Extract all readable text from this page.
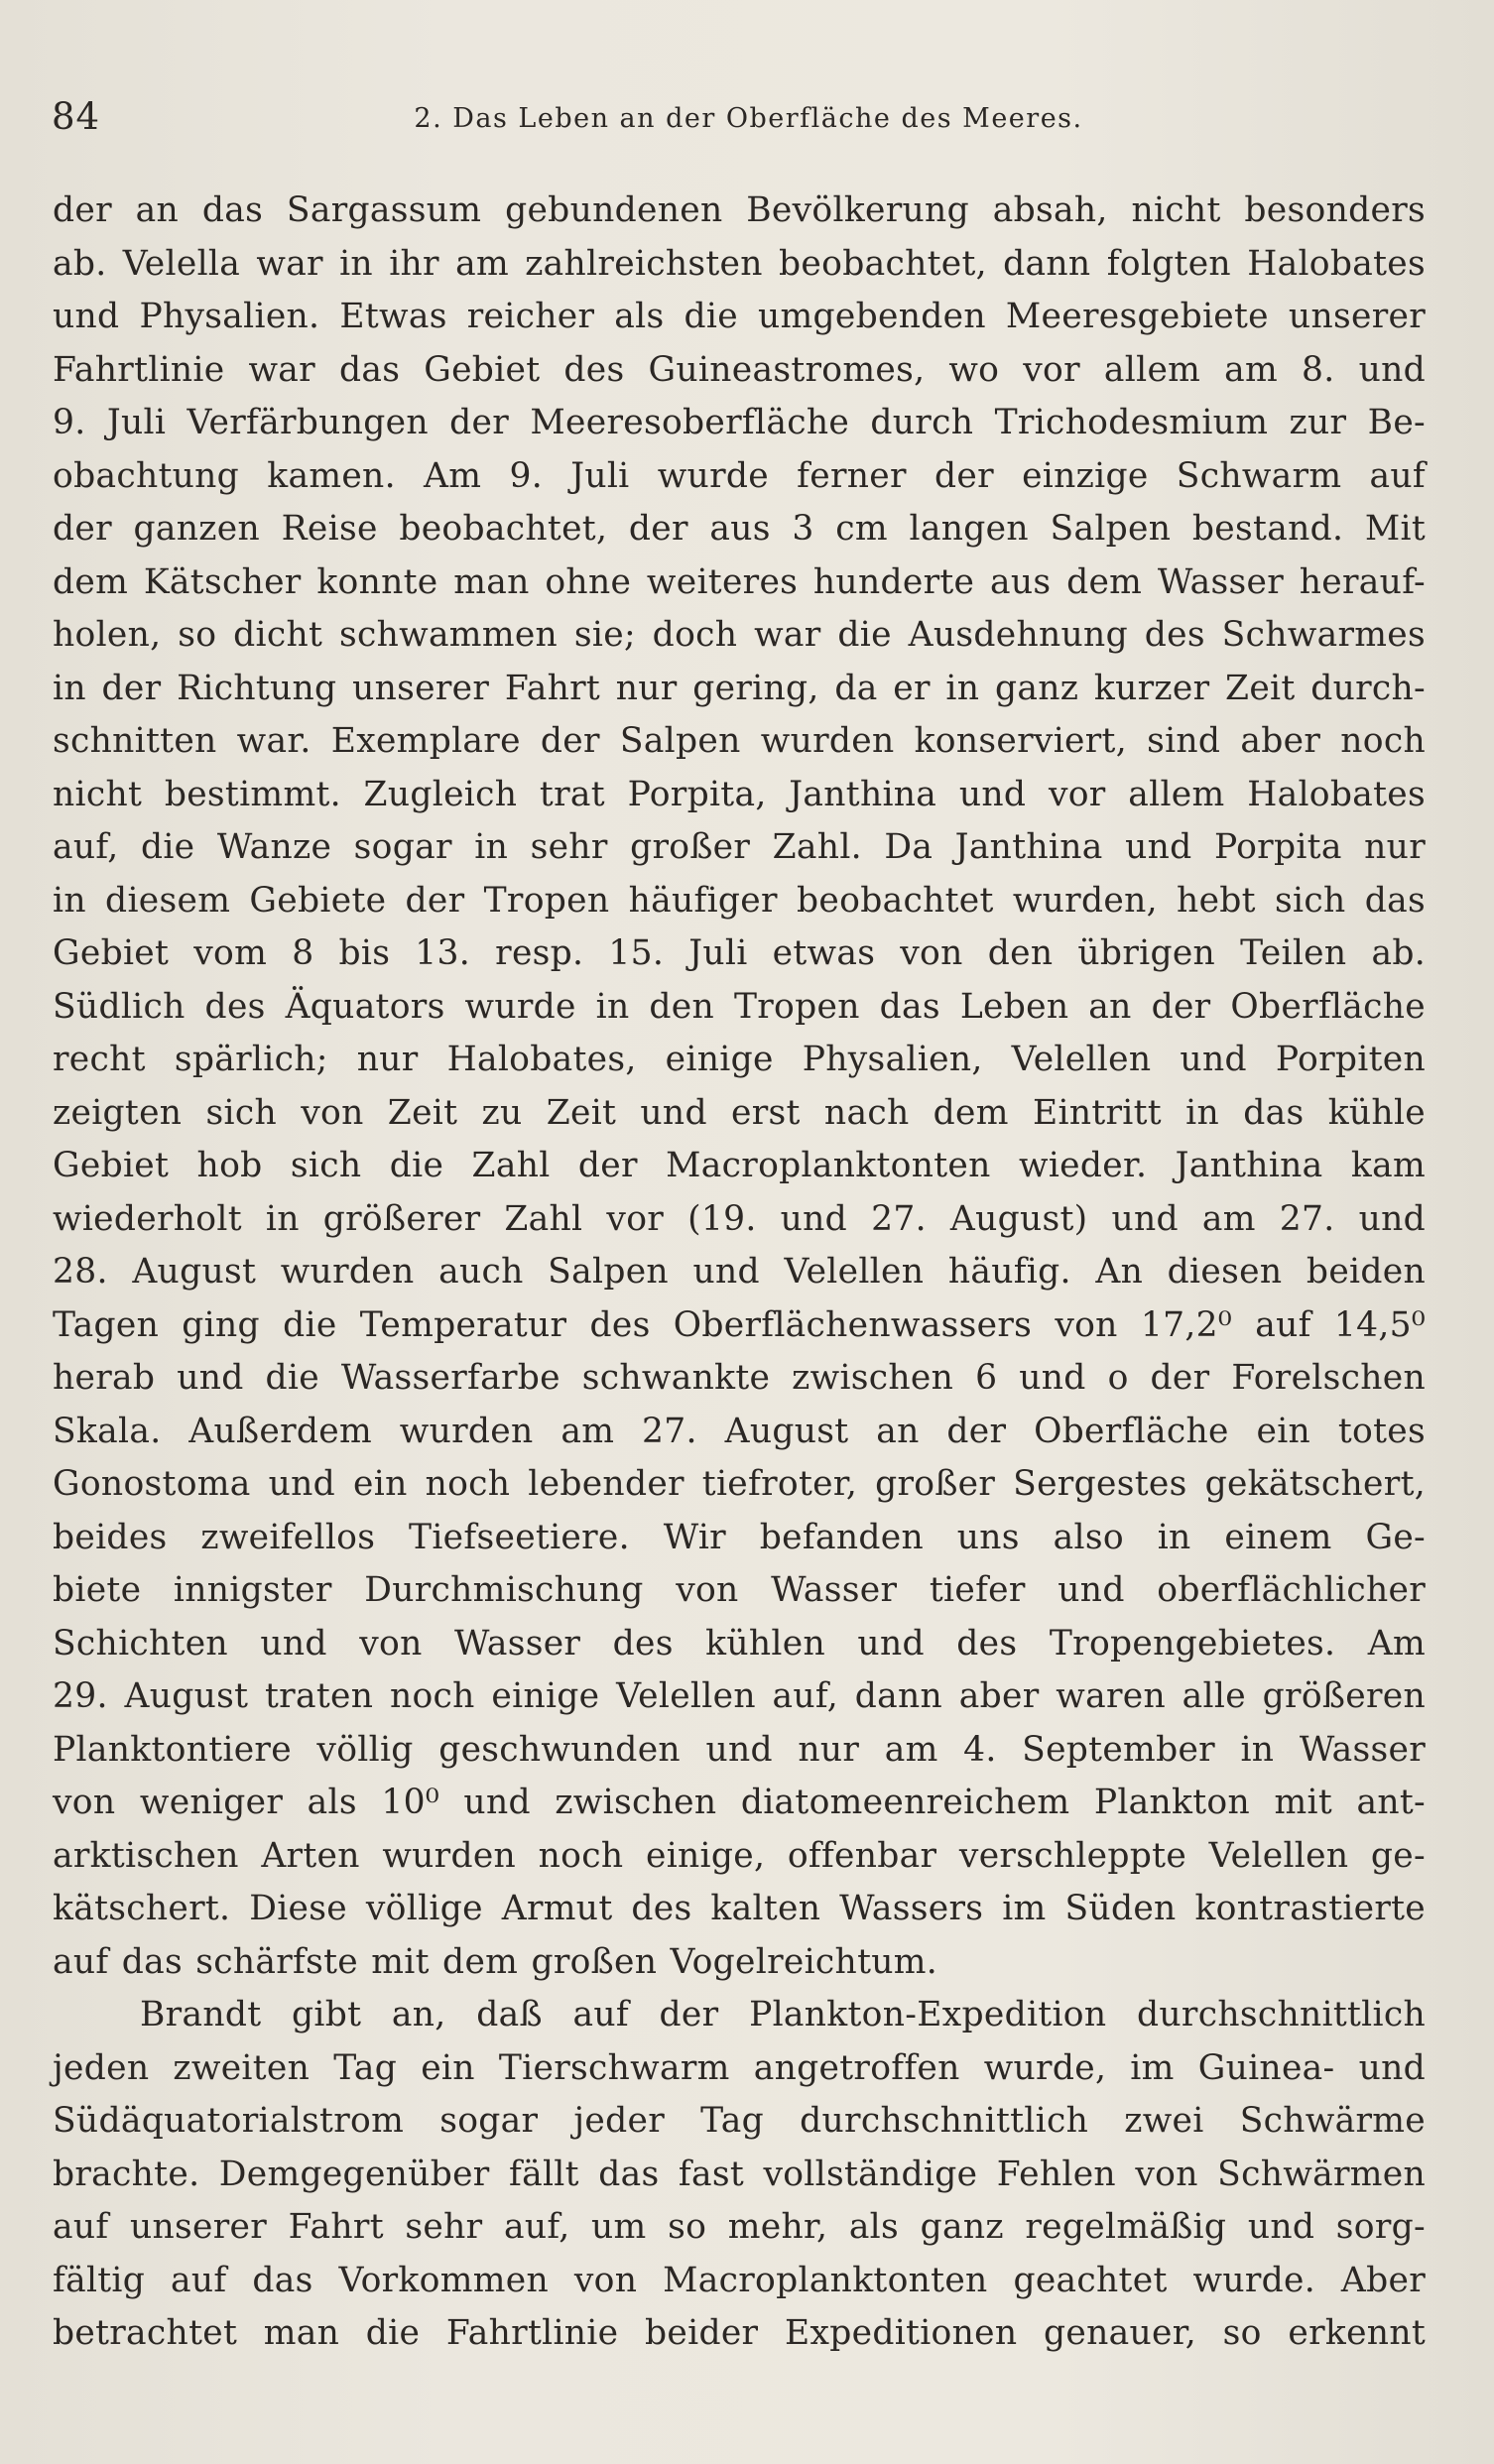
84	2. Das Leben an der Oberfläche des Meeres.
der an das Sargassum gebundenen Bevölkerung absah, nicht besonders
ab. Velella war in ihr am zahlreichsten beobachtet, dann folgten Halobates
und Physalien. Etwas reicher als die umgebenden Meeresgebiete unserer
Fahrtlinie war das Gebiet des Guineastromes, wo vor allem am 8. und
9. Juli Verfärbungen der Meeresoberfläche durch Trichodesmium zur Be-
obachtung kamen. Am 9. Juli wurde ferner der einzige Schwarm auf
der ganzen Reise beobachtet, der aus 3 cm langen Salpen bestand. Mit
dem Kätscher konnte man ohne weiteres hunderte aus dem Wasser herauf-
holen, so dicht schwammen sie; doch war die Ausdehnung des Schwarmes
in der Richtung unserer Fahrt nur gering, da er in ganz kurzer Zeit durch-
schnitten war. Exemplare der Salpen wurden konserviert, sind aber noch
nicht bestimmt. Zugleich trat Porpita, Janthina und vor allem Halobates
auf, die Wanze sogar in sehr großer Zahl. Da Janthina und Porpita nur
in diesem Gebiete der Tropen häufiger beobachtet wurden, hebt sich das
Gebiet vom 8 bis 13. resp. 15. Juli etwas von den übrigen Teilen ab.
Südlich des Äquators wurde in den Tropen das Leben an der Oberfläche
recht spärlich; nur Halobates, einige Physalien, Velellen und Porpiten
zeigten sich von Zeit zu Zeit und erst nach dem Eintritt in das kühle
Gebiet hob sich die Zahl der Macroplanktonten wieder. Janthina kam
wiederholt in größerer Zahl vor (19. und 27. August) und am 27. und
28. August wurden auch Salpen und Velellen häufig. An diesen beiden
Tagen ging die Temperatur des Oberflächenwassers von 17,2⁰ auf 14,5⁰
herab und die Wasserfarbe schwankte zwischen 6 und o der Forelschen
Skala. Außerdem wurden am 27. August an der Oberfläche ein totes
Gonostoma und ein noch lebender tiefroter, großer Sergestes gekätschert,
beides zweifellos Tiefseetiere. Wir befanden uns also in einem Ge-
biete innigster Durchmischung von Wasser tiefer und oberflächlicher
Schichten und von Wasser des kühlen und des Tropengebietes. Am
29. August traten noch einige Velellen auf, dann aber waren alle größeren
Planktontiere völlig geschwunden und nur am 4. September in Wasser
von weniger als 10⁰ und zwischen diatomeenreichem Plankton mit ant-
arktischen Arten wurden noch einige, offenbar verschleppte Velellen ge-
kätschert. Diese völlige Armut des kalten Wassers im Süden kontrastierte
auf das schärfste mit dem großen Vogelreichtum.
Brandt gibt an, daß auf der Plankton-Expedition durchschnittlich
jeden zweiten Tag ein Tierschwarm angetroffen wurde, im Guinea- und
Südäquatorialstrom sogar jeder Tag durchschnittlich zwei Schwärme
brachte. Demgegenüber fällt das fast vollständige Fehlen von Schwärmen
auf unserer Fahrt sehr auf, um so mehr, als ganz regelmäßig und sorg-
fältig auf das Vorkommen von Macroplanktonten geachtet wurde. Aber
betrachtet man die Fahrtlinie beider Expeditionen genauer, so erkennt
